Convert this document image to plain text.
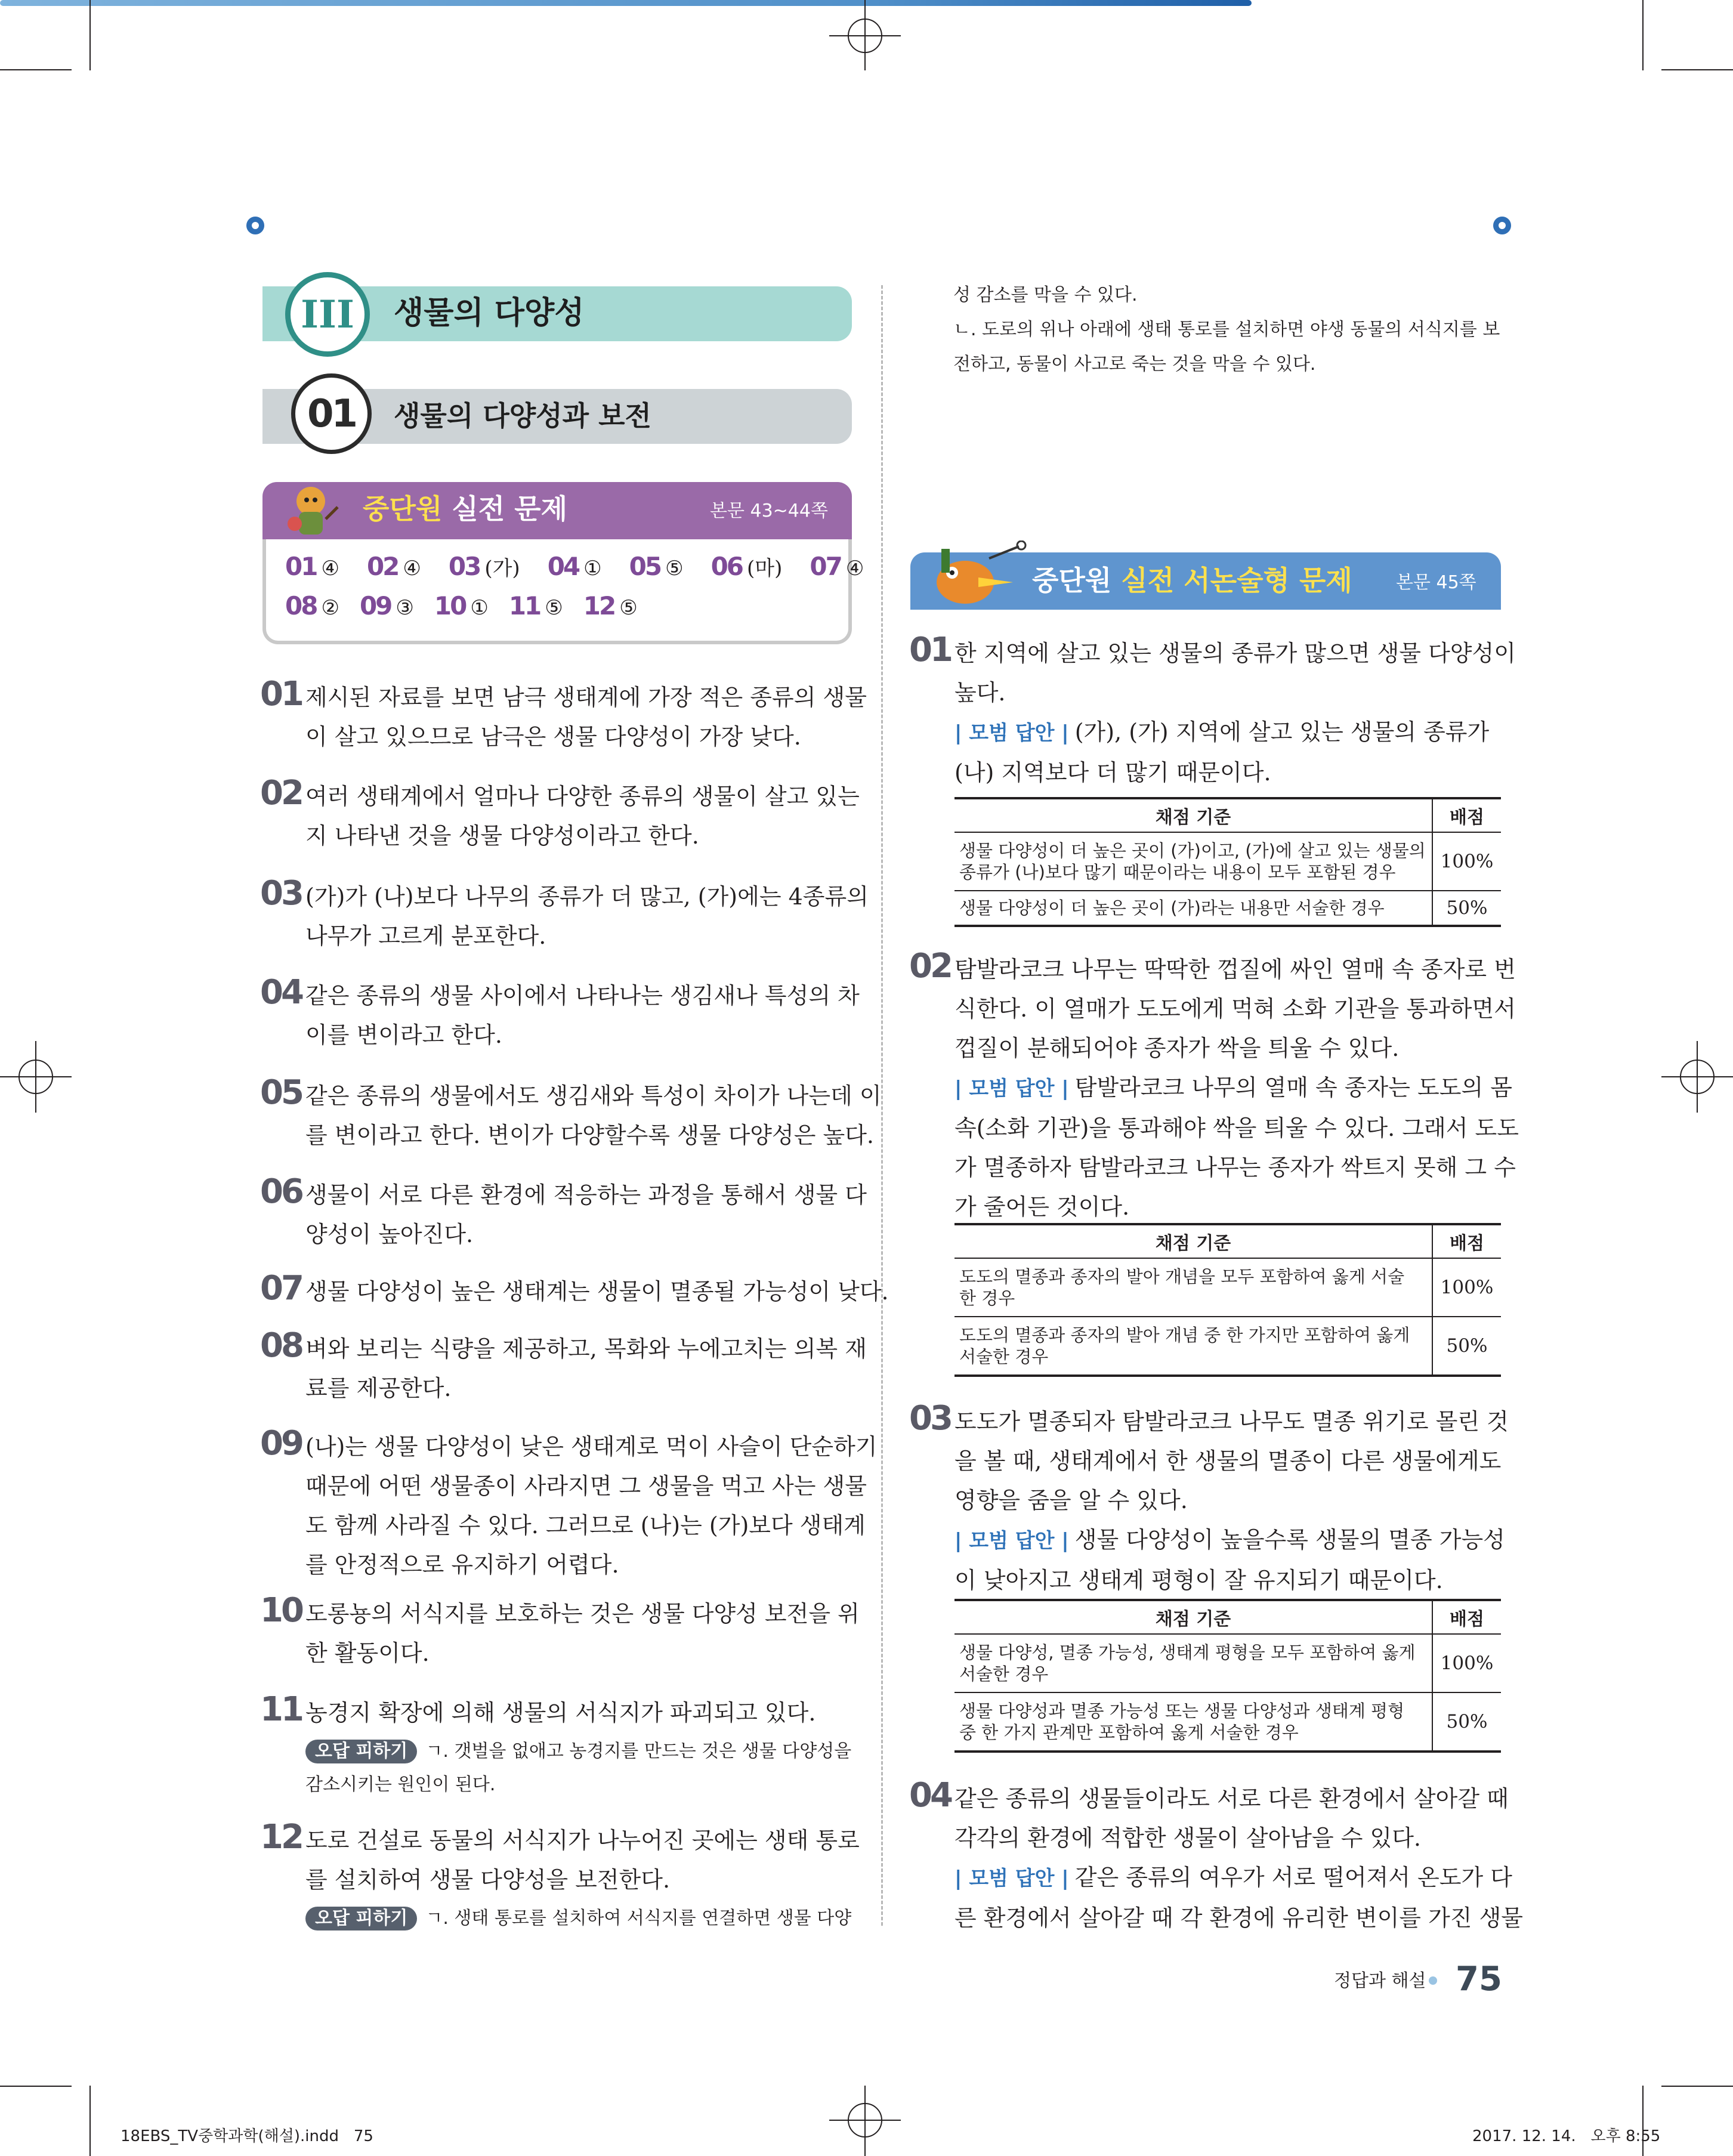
III 생물의 다양성
01 생물의 다양성과 보전
중단원 실전 문제	본문 43~44쪽
01 ④ 02 ④ 03 (가) 04 ① 05 ⑤ 06 (마) 07 ④
08 ② 09 ③ 10 ① 11 ⑤ 12 ⑤
01 제시된 자료를 보면 남극 생태계에 가장 적은 종류의 생물
이 살고 있으므로 남극은 생물 다양성이 가장 낮다.
02 여러 생태계에서 얼마나 다양한 종류의 생물이 살고 있는
지 나타낸 것을 생물 다양성이라고 한다.
03 (가)가 (나)보다 나무의 종류가 더 많고, (가)에는 4종류의
나무가 고르게 분포한다.
04 같은 종류의 생물 사이에서 나타나는 생김새나 특성의 차
이를 변이라고 한다.
05 같은 종류의 생물에서도 생김새와 특성이 차이가 나는데 이
를 변이라고 한다. 변이가 다양할수록 생물 다양성은 높다.
06 생물이 서로 다른 환경에 적응하는 과정을 통해서 생물 다
양성이 높아진다.
07 생물 다양성이 높은 생태계는 생물이 멸종될 가능성이 낮다.
08 벼와 보리는 식량을 제공하고, 목화와 누에고치는 의복 재
료를 제공한다.
09 (나)는 생물 다양성이 낮은 생태계로 먹이 사슬이 단순하기
때문에 어떤 생물종이 사라지면 그 생물을 먹고 사는 생물
도 함께 사라질 수 있다. 그러므로 (나)는 (가)보다 생태계
를 안정적으로 유지하기 어렵다.
10 도롱뇽의 서식지를 보호하는 것은 생물 다양성 보전을 위
한 활동이다.
11 농경지 확장에 의해 생물의 서식지가 파괴되고 있다.
오답 피하기 ㄱ. 갯벌을 없애고 농경지를 만드는 것은 생물 다양성을
감소시키는 원인이 된다.
12 도로 건설로 동물의 서식지가 나누어진 곳에는 생태 통로
를 설치하여 생물 다양성을 보전한다.
오답 피하기 ㄱ. 생태 통로를 설치하여 서식지를 연결하면 생물 다양
성 감소를 막을 수 있다.
ㄴ. 도로의 위나 아래에 생태 통로를 설치하면 야생 동물의 서식지를 보
전하고, 동물이 사고로 죽는 것을 막을 수 있다.
중단원 실전 서논술형 문제 본문 45쪽
01 한 지역에 살고 있는 생물의 종류가 많으면 생물 다양성이
높다.
| 모범 답안 | (가), (가) 지역에 살고 있는 생물의 종류가
(나) 지역보다 더 많기 때문이다.
채점 기준	배점

생물 다양성이 더 높은 곳이 (가)이고, (가)에 살고 있는 생물의
종류가 (나)보다 많기 때문이라는 내용이 모두 포함된 경우	100%

생물 다양성이 더 높은 곳이 (가)라는 내용만 서술한 경우	50%
02 탐발라코크 나무는 딱딱한 껍질에 싸인 열매 속 종자로 번
식한다. 이 열매가 도도에게 먹혀 소화 기관을 통과하면서
껍질이 분해되어야 종자가 싹을 틔울 수 있다.
| 모범 답안 | 탐발라코크 나무의 열매 속 종자는 도도의 몸
속(소화 기관)을 통과해야 싹을 틔울 수 있다. 그래서 도도
가 멸종하자 탐발라코크 나무는 종자가 싹트지 못해 그 수
가 줄어든 것이다.
채점 기준	배점

도도의 멸종과 종자의 발아 개념을 모두 포함하여 옳게 서술
한 경우	100%

도도의 멸종과 종자의 발아 개념 중 한 가지만 포함하여 옳게
서술한 경우	50%
03 도도가 멸종되자 탐발라코크 나무도 멸종 위기로 몰린 것
을 볼 때, 생태계에서 한 생물의 멸종이 다른 생물에게도
영향을 줌을 알 수 있다.
| 모범 답안 | 생물 다양성이 높을수록 생물의 멸종 가능성
이 낮아지고 생태계 평형이 잘 유지되기 때문이다.
채점 기준	배점

생물 다양성, 멸종 가능성, 생태계 평형을 모두 포함하여 옳게
서술한 경우	100%

생물 다양성과 멸종 가능성 또는 생물 다양성과 생태계 평형
중 한 가지 관계만 포함하여 옳게 서술한 경우	50%
04 같은 종류의 생물들이라도 서로 다른 환경에서 살아갈 때
각각의 환경에 적합한 생물이 살아남을 수 있다.
| 모범 답안 | 같은 종류의 여우가 서로 떨어져서 온도가 다
른 환경에서 살아갈 때 각 환경에 유리한 변이를 가진 생물
정답과 해설 75
18EBS_TV중학과학(해설).indd   75	2017. 12. 14.   오후 8:55
